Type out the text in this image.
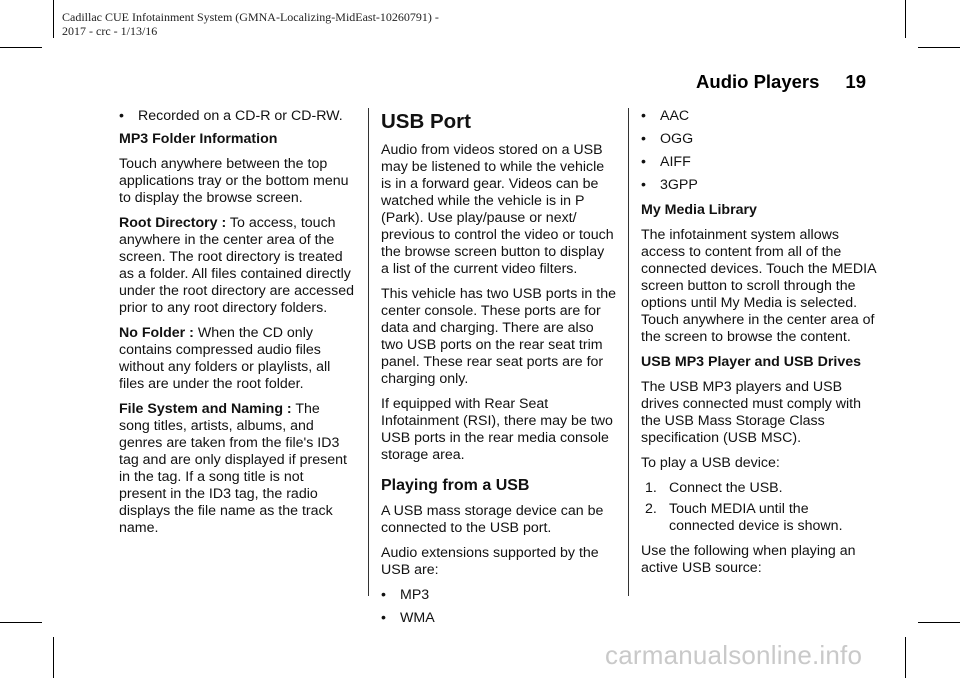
Cadillac CUE Infotainment System (GMNA-Localizing-MidEast-10260791) -
2017 - crc - 1/13/16
Audio Players 19
• Recorded on a CD-R or CD-RW.
MP3 Folder Information

Touch anywhere between the top applications tray or the bottom menu to display the browse screen.

Root Directory : To access, touch anywhere in the center area of the screen. The root directory is treated as a folder. All files contained directly under the root directory are accessed prior to any root directory folders.

No Folder : When the CD only contains compressed audio files without any folders or playlists, all files are under the root folder.

File System and Naming : The song titles, artists, albums, and genres are taken from the file's ID3 tag and are only displayed if present in the tag. If a song title is not present in the ID3 tag, the radio displays the file name as the track name.

USB Port

Audio from videos stored on a USB may be listened to while the vehicle is in a forward gear. Videos can be watched while the vehicle is in P (Park). Use play/pause or next/ previous to control the video or touch the browse screen button to display a list of the current video filters.

This vehicle has two USB ports in the center console. These ports are for data and charging. There are also two USB ports on the rear seat trim panel. These rear seat ports are for charging only.

If equipped with Rear Seat Infotainment (RSI), there may be two USB ports in the rear media console storage area.

Playing from a USB

A USB mass storage device can be connected to the USB port.

Audio extensions supported by the USB are:

• MP3
• WMA
• AAC
• OGG
• AIFF
• 3GPP
My Media Library

The infotainment system allows access to content from all of the connected devices. Touch the MEDIA screen button to scroll through the options until My Media is selected. Touch anywhere in the center area of the screen to browse the content.

USB MP3 Player and USB Drives

The USB MP3 players and USB drives connected must comply with the USB Mass Storage Class specification (USB MSC).

To play a USB device:

1. Connect the USB.
2. Touch MEDIA until the connected device is shown.

Use the following when playing an active USB source:

carmanualsonline.info
